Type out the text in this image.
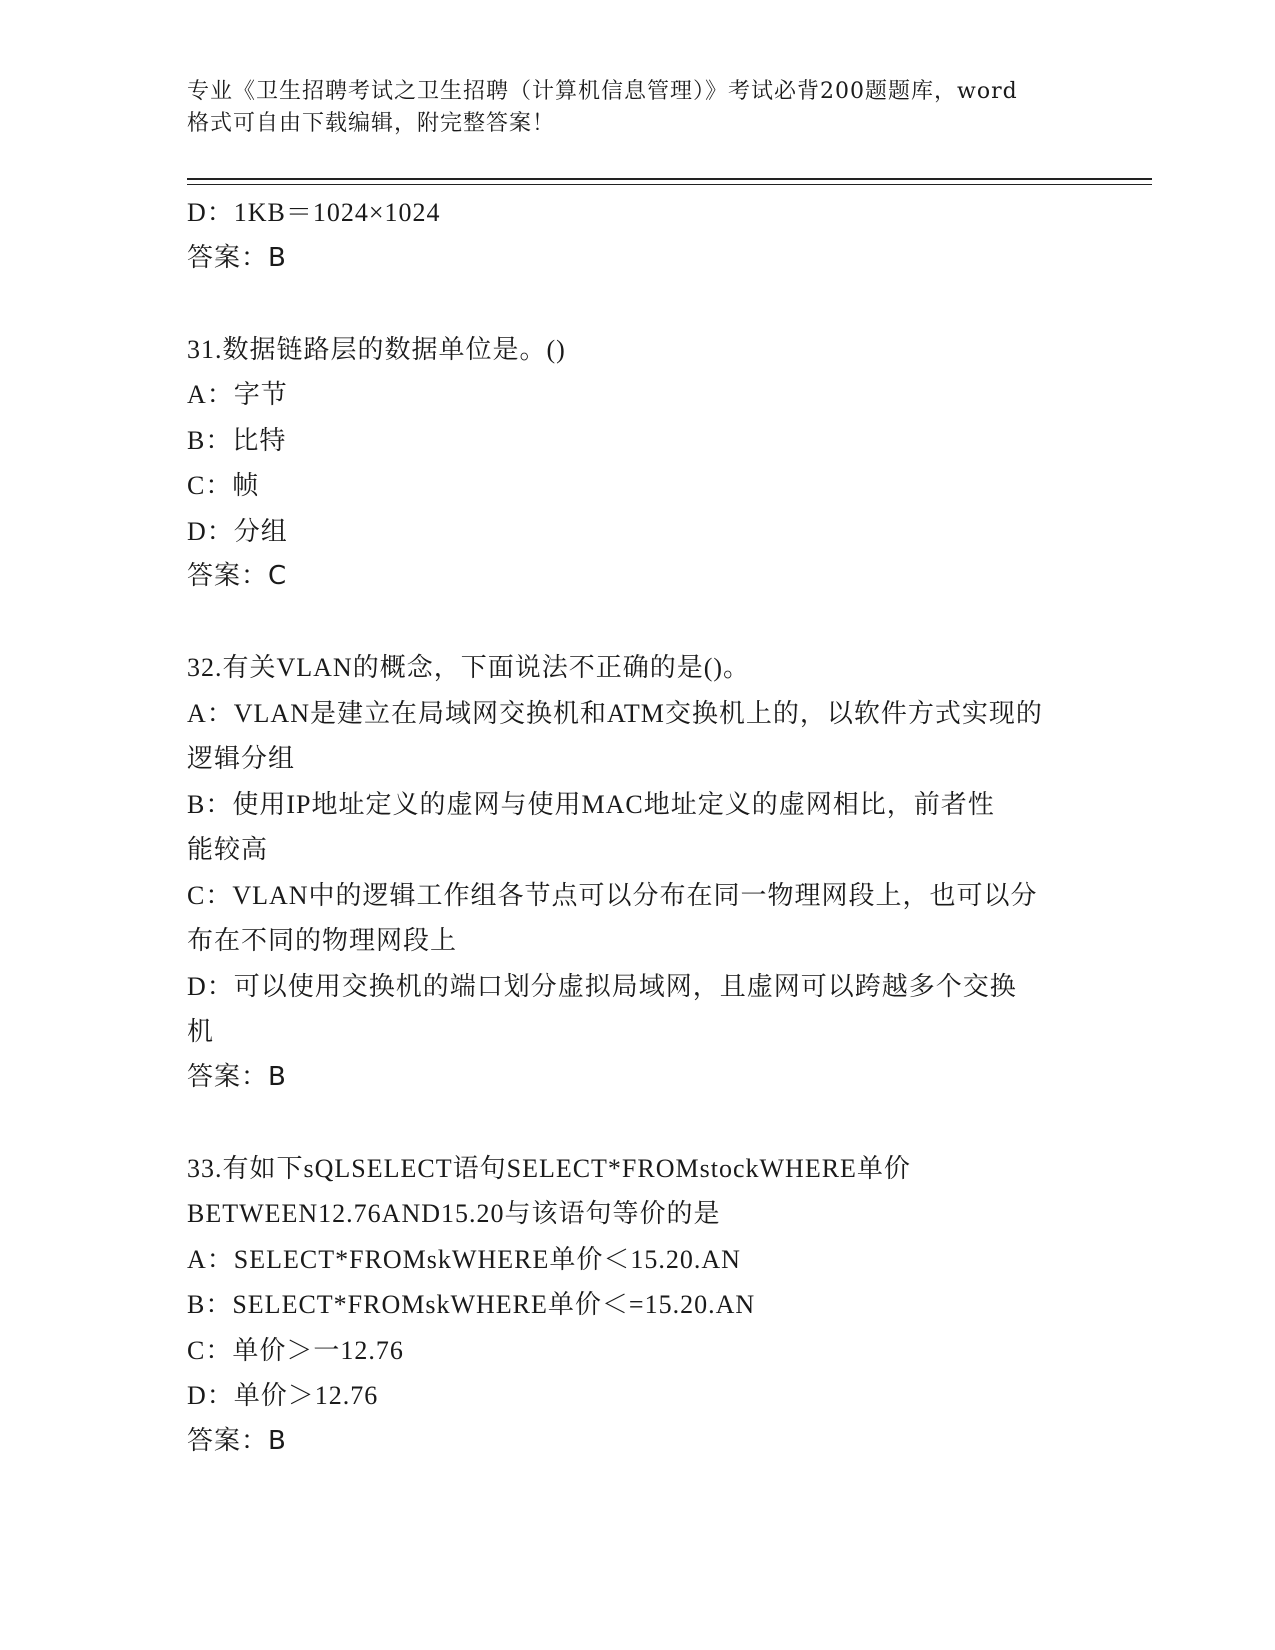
专业《卫生招聘考试之卫生招聘（计算机信息管理）》考试必背200题题库，word
格式可自由下载编辑，附完整答案！
D：1KB＝1024×1024
答案：B
31.数据链路层的数据单位是。()
A：字节
B：比特
C：帧
D：分组
答案：C
32.有关VLAN的概念，下面说法不正确的是()。
A：VLAN是建立在局域网交换机和ATM交换机上的，以软件方式实现的
逻辑分组
B：使用IP地址定义的虚网与使用MAC地址定义的虚网相比，前者性
能较高
C：VLAN中的逻辑工作组各节点可以分布在同一物理网段上，也可以分
布在不同的物理网段上
D：可以使用交换机的端口划分虚拟局域网，且虚网可以跨越多个交换
机
答案：B
33.有如下sQLSELECT语句SELECT*FROMstockWHERE单价
BETWEEN12.76AND15.20与该语句等价的是
A：SELECT*FROMskWHERE单价＜15.20.AN
B：SELECT*FROMskWHERE单价＜=15.20.AN
C：单价＞一12.76
D：单价＞12.76
答案：B
